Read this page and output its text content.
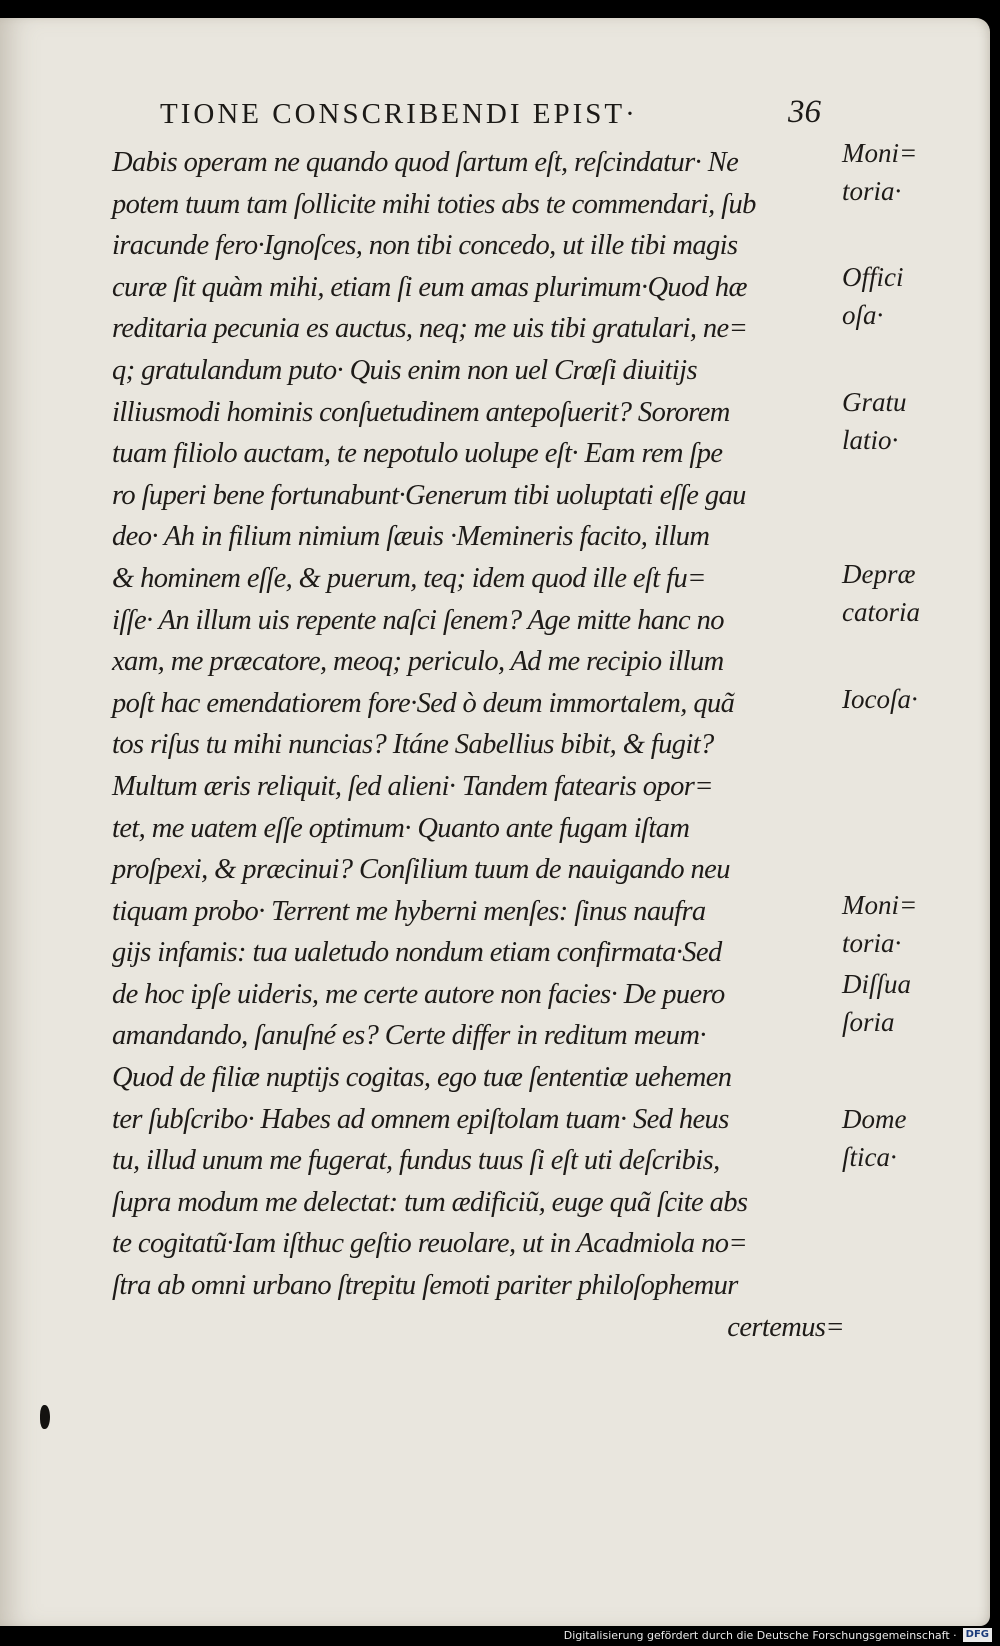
TIONE CONSCRIBENDI EPIST·	36
Dabis operam ne quando quod ſartum eſt, reſcindatur· Ne
potem tuum tam ſollicite mihi toties abs te commendari, ſub
iracunde fero·Ignoſces, non tibi concedo, ut ille tibi magis
curæ ſit quàm mihi, etiam ſi eum amas plurimum·Quod hæ
reditaria pecunia es auctus, neq; me uis tibi gratulari, ne=
q; gratulandum puto· Quis enim non uel Crœſi diuitijs
illiusmodi hominis conſuetudinem antepoſuerit? Sororem
tuam filiolo auctam, te nepotulo uolupe eſt· Eam rem ſpe
ro ſuperi bene fortunabunt·Generum tibi uoluptati eſſe gau
deo· Ah in filium nimium ſæuis ·Memineris facito, illum
& hominem eſſe, & puerum, teq; idem quod ille eſt fu=
iſſe· An illum uis repente naſci ſenem? Age mitte hanc no
xam, me præcatore, meoq; periculo, Ad me recipio illum
poſt hac emendatiorem fore·Sed ò deum immortalem, quã
tos riſus tu mihi nuncias? Itáne Sabellius bibit, & fugit?
Multum æris reliquit, ſed alieni· Tandem fatearis opor=
tet, me uatem eſſe optimum· Quanto ante fugam iſtam
proſpexi, & præcinui? Conſilium tuum de nauigando neu
tiquam probo· Terrent me hyberni menſes: ſinus naufra
gijs infamis: tua ualetudo nondum etiam confirmata·Sed
de hoc ipſe uideris, me certe autore non facies· De puero
amandando, ſanuſné es? Certe differ in reditum meum·
Quod de filiæ nuptijs cogitas, ego tuæ ſententiæ uehemen
ter ſubſcribo· Habes ad omnem epiſtolam tuam· Sed heus
tu, illud unum me fugerat, fundus tuus ſi eſt uti deſcribis,
ſupra modum me delectat: tum ædificiũ, euge quã ſcite abs
te cogitatũ·Iam iſthuc geſtio reuolare, ut in Acadmiola no=
ſtra ab omni urbano ſtrepitu ſemoti pariter philoſophemur
certemus=
Moni=
toria·
Offici
oſa·
Gratu
latio·
Depræ
catoria
Iocoſa·
Moni=
toria·
Diſſua
ſoria
Dome
ſtica·
Digitalisierung gefördert durch die Deutsche Forschungsgemeinschaft · DFG
